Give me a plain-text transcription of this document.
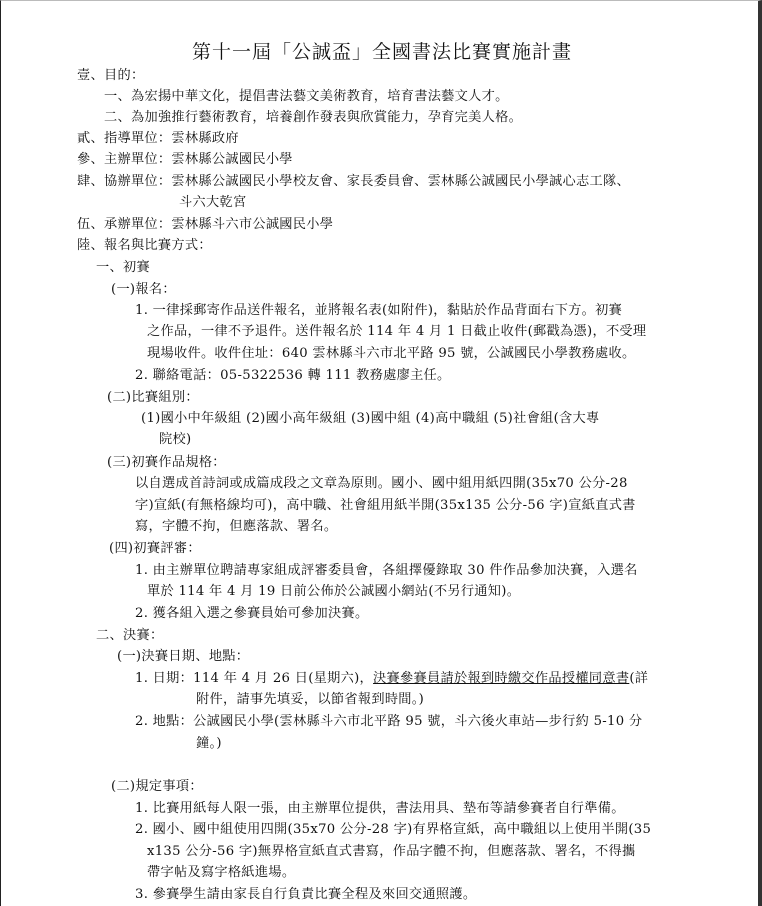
第十一屆「公誠盃」全國書法比賽實施計畫
壹、目的：
一、為宏揚中華文化，提倡書法藝文美術教育，培育書法藝文人才。
二、為加強推行藝術教育，培養創作發表與欣賞能力，孕育完美人格。
貳、指導單位：雲林縣政府
參、主辦單位：雲林縣公誠國民小學
肆、協辦單位：雲林縣公誠國民小學校友會、家長委員會、雲林縣公誠國民小學誠心志工隊、
斗六大乾宮
伍、承辦單位：雲林縣斗六市公誠國民小學
陸、報名與比賽方式：
一、初賽
(一)報名：
1. 一律採郵寄作品送件報名，並將報名表(如附件)，黏貼於作品背面右下方。初賽
之作品，一律不予退件。送件報名於 114 年 4 月 1 日截止收件(郵戳為憑)，不受理
現場收件。收件住址：640 雲林縣斗六市北平路 95 號，公誠國民小學教務處收。
2. 聯絡電話：05-5322536 轉 111 教務處廖主任。
(二)比賽組別：
(1)國小中年級組 (2)國小高年級組 (3)國中組 (4)高中職組 (5)社會組(含大專
院校)
(三)初賽作品規格：
以自選成首詩詞或成篇成段之文章為原則。國小、國中組用紙四開(35x70 公分-28
字)宣紙(有無格線均可)，高中職、社會組用紙半開(35x135 公分-56 字)宣紙直式書
寫，字體不拘，但應落款、署名。
(四)初賽評審：
1. 由主辦單位聘請專家組成評審委員會，各組擇優錄取 30 件作品參加決賽，入選名
單於 114 年 4 月 19 日前公佈於公誠國小網站(不另行通知)。
2. 獲各組入選之參賽員始可參加決賽。
二、決賽：
(一)決賽日期、地點：
1. 日期：114 年 4 月 26 日(星期六)，決賽參賽員請於報到時繳交作品授權同意書(詳
附件，請事先填妥，以節省報到時間。)
2. 地點：公誠國民小學(雲林縣斗六市北平路 95 號，斗六後火車站—步行約 5-10 分
鐘。)
(二)規定事項：
1. 比賽用紙每人限一張，由主辦單位提供，書法用具、墊布等請參賽者自行準備。
2. 國小、國中組使用四開(35x70 公分-28 字)有界格宣紙，高中職組以上使用半開(35
x135 公分-56 字)無界格宣紙直式書寫，作品字體不拘，但應落款、署名，不得攜
帶字帖及寫字格紙進場。
3. 參賽學生請由家長自行負責比賽全程及來回交通照護。
